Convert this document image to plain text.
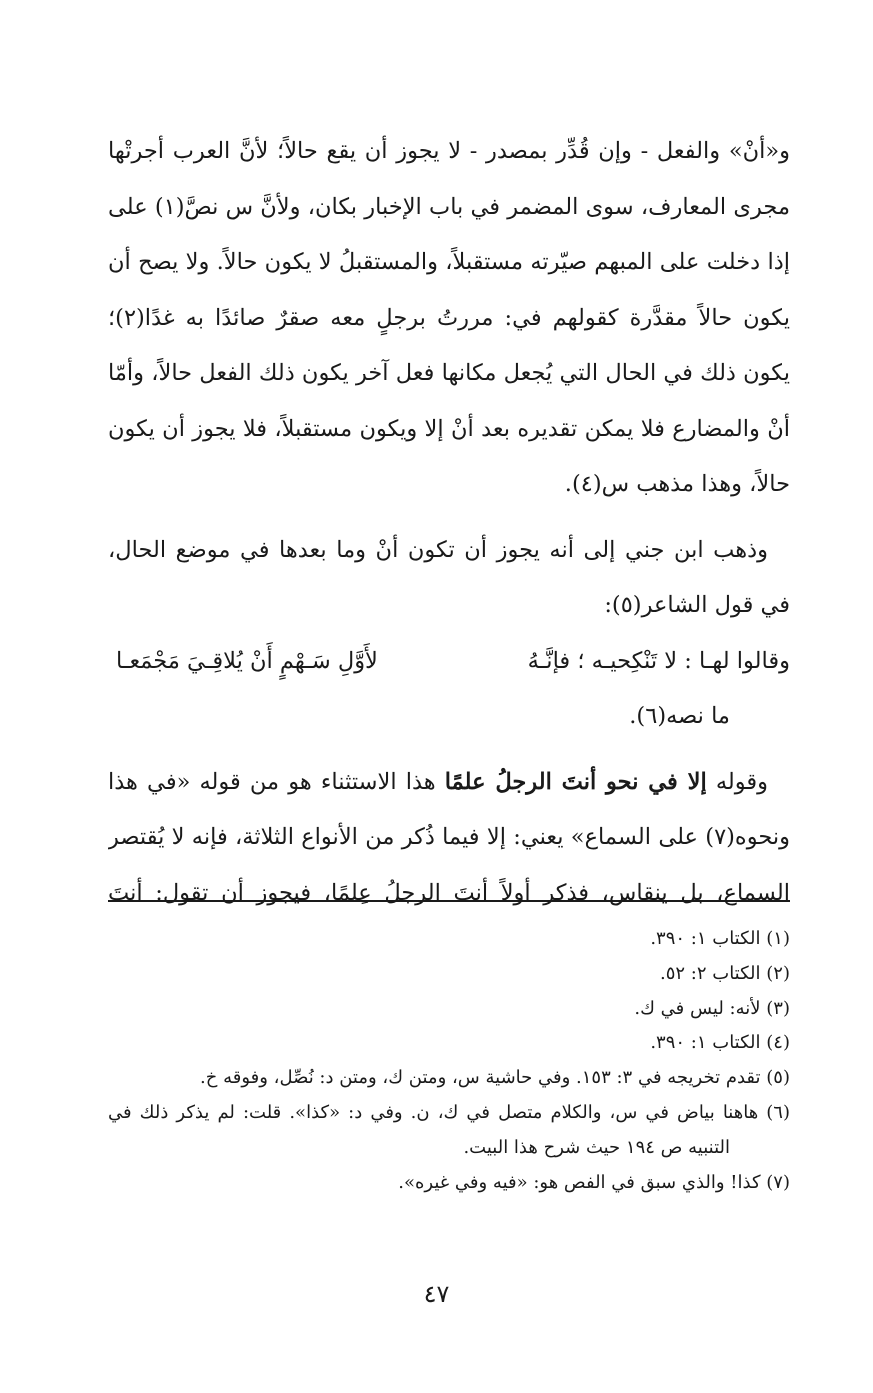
و«أنْ» والفعل - وإن قُدِّر بمصدر - لا يجوز أن يقع حالاً؛ لأنَّ العرب أجرتْها
مجرى المعارف، سوى المضمر في باب الإخبار بكان، ولأنَّ س نصَّ(١) على
إذا دخلت على المبهم صيّرته مستقبلاً، والمستقبلُ لا يكون حالاً. ولا يصح أن
يكون حالاً مقدَّرة كقولهم في: مررتُ برجلٍ معه صقرٌ صائدًا به غدًا(٢)؛
يكون ذلك في الحال التي يُجعل مكانها فعل آخر يكون ذلك الفعل حالاً، وأمّا
أنْ والمضارع فلا يمكن تقديره بعد أنْ إلا ويكون مستقبلاً، فلا يجوز أن يكون
حالاً، وهذا مذهب س(٤).
وذهب ابن جني إلى أنه يجوز أن تكون أنْ وما بعدها في موضع الحال،
في قول الشاعر(٥):
وقالوا لهـا : لا تَنْكِحيـه ؛ فإنَّـهُ
لأَوَّلِ سَـهْمٍ أَنْ يُلاقِـيَ مَجْمَعـا
ما نصه(٦).
وقوله إلا في نحو أنتَ الرجلُ علمًا هذا الاستثناء هو من قوله «في هذا
ونحوه(٧) على السماع» يعني: إلا فيما ذُكر من الأنواع الثلاثة، فإنه لا يُقتصر
السماع، بل ينقاس، فذكر أولاً أنتَ الرجلُ عِلمًا، فيجوز أن تقول: أنتَ
(١) الكتاب ١: ٣٩٠.
(٢) الكتاب ٢: ٥٢.
(٣) لأنه: ليس في ك.
(٤) الكتاب ١: ٣٩٠.
(٥) تقدم تخريجه في ٣: ١٥٣. وفي حاشية س، ومتن ك، ومتن د: نُصِّل، وفوقه خ.
(٦) هاهنا بياض في س، والكلام متصل في ك، ن. وفي د: «كذا». قلت: لم يذكر ذلك في
التنبيه ص ١٩٤ حيث شرح هذا البيت.
(٧) كذا! والذي سبق في الفص هو: «فيه وفي غيره».
٤٧
